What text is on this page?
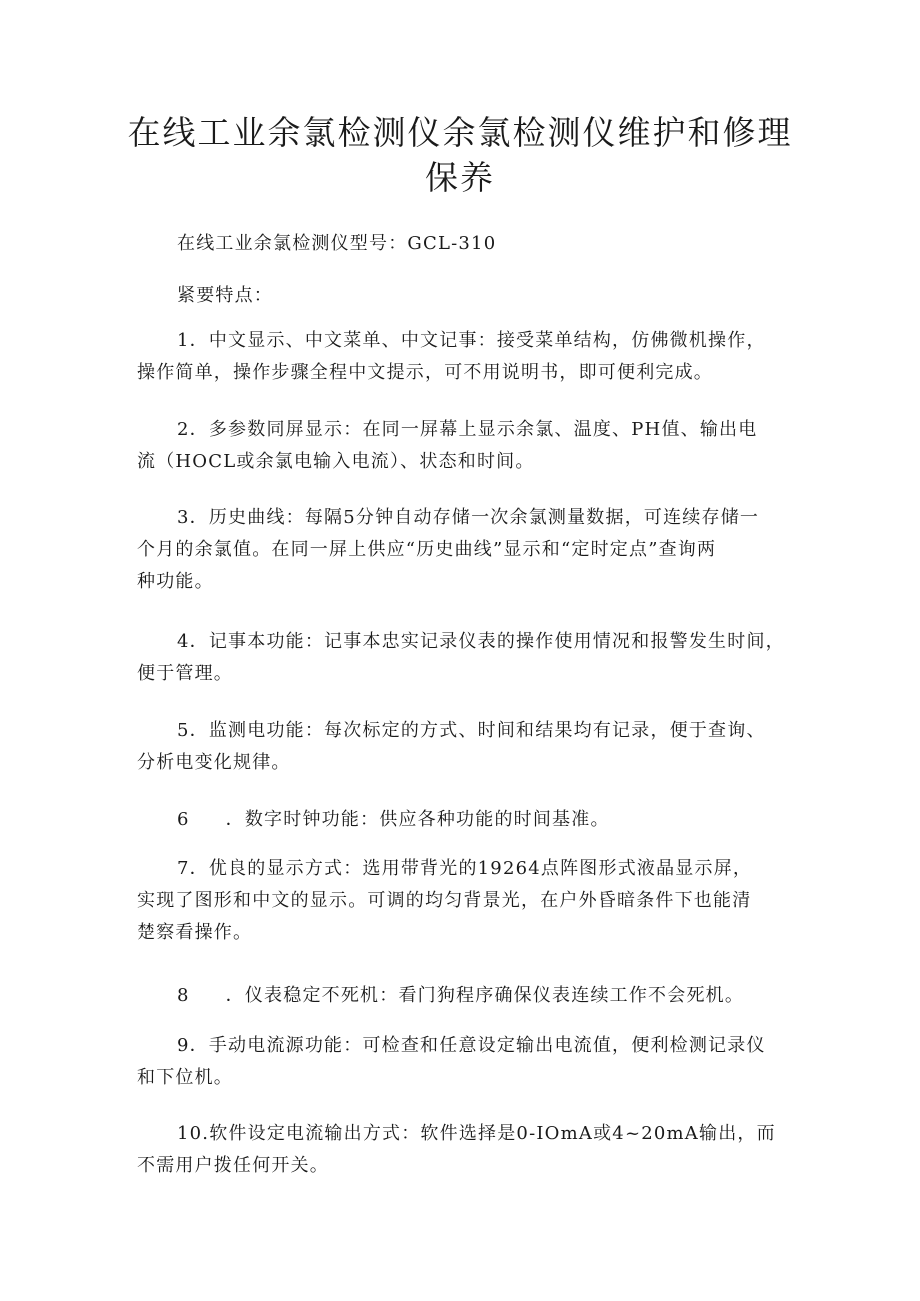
在线工业余氯检测仪余氯检测仪维护和修理
保养

在线工业余氯检测仪型号：GCL-310

紧要特点：

1．中文显示、中文菜单、中文记事：接受菜单结构，仿佛微机操作，
操作简单，操作步骤全程中文提示，可不用说明书，即可便利完成。

2．多参数同屏显示：在同一屏幕上显示余氯、温度、PH值、输出电
流（HOCL或余氯电输入电流）、状态和时间。

3．历史曲线：每隔5分钟自动存储一次余氯测量数据，可连续存储一
个月的余氯值。在同一屏上供应“历史曲线”显示和“定时定点”查询两
种功能。

4．记事本功能：记事本忠实记录仪表的操作使用情况和报警发生时间，
便于管理。

5．监测电功能：每次标定的方式、时间和结果均有记录，便于查询、
分析电变化规律。

6 ．数字时钟功能：供应各种功能的时间基准。

7．优良的显示方式：选用带背光的19264点阵图形式液晶显示屏，
实现了图形和中文的显示。可调的均匀背景光，在户外昏暗条件下也能清
楚察看操作。

8 ．仪表稳定不死机：看门狗程序确保仪表连续工作不会死机。

9．手动电流源功能：可检查和任意设定输出电流值，便利检测记录仪
和下位机。

10.软件设定电流输出方式：软件选择是0-IOmA或4~20mA输出，而
不需用户拨任何开关。
